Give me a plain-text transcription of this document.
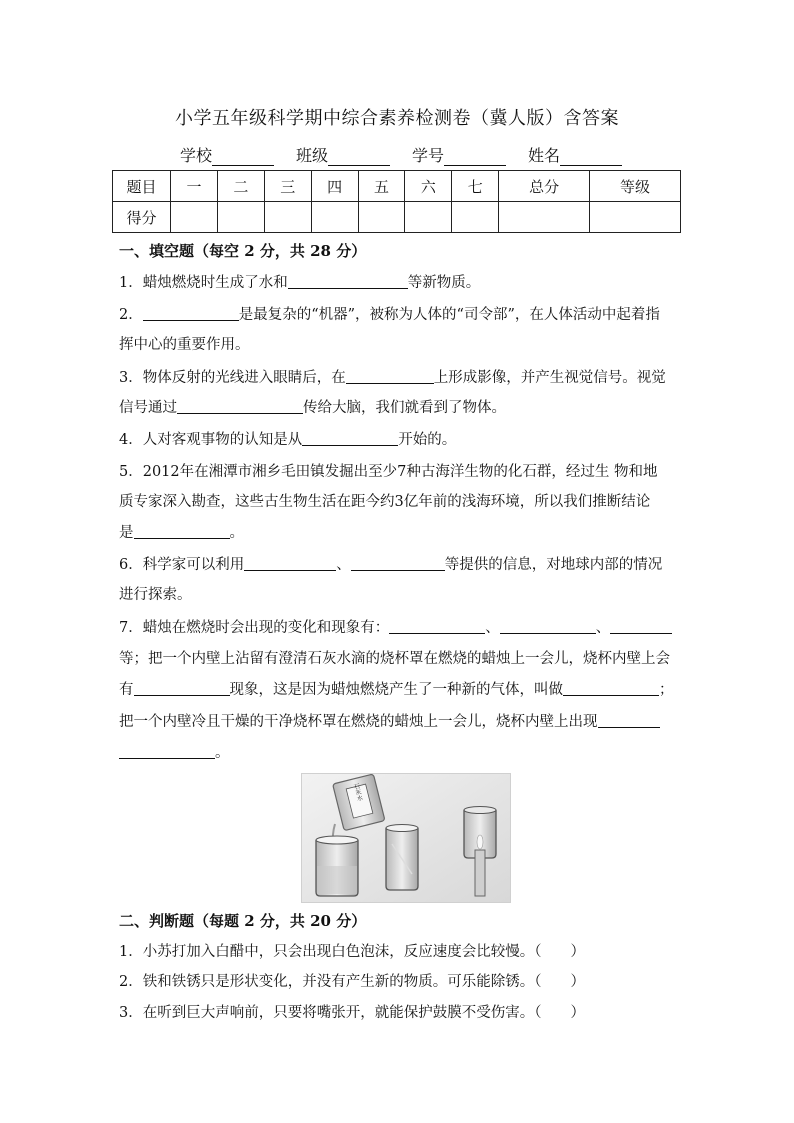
小学五年级科学期中综合素养检测卷（冀人版）含答案
学校	班级	学号	姓名
题目	一	二	三	四	五	六	七	总分	等级
得分									
一、填空题（每空 2 分，共 28 分）
1．蜡烛燃烧时生成了水和	等新物质。
2．	是最复杂的“机器”，被称为人体的“司令部”，在人体活动中起着指
挥中心的重要作用。
3．物体反射的光线进入眼睛后，在	上形成影像，并产生视觉信号。视觉
信号通过	传给大脑，我们就看到了物体。
4．人对客观事物的认知是从	开始的。
5．2012年在湘潭市湘乡毛田镇发掘出至少7种古海洋生物的化石群，经过生 物和地
质专家深入勘查，这些古生物生活在距今约3亿年前的浅海环境，所以我们推断结论
是	。
6．科学家可以利用	、	等提供的信息，对地球内部的情况
进行探索。
7．蜡烛在燃烧时会出现的变化和现象有：	、	、
等；把一个内壁上沾留有澄清石灰水滴的烧杯罩在燃烧的蜡烛上一会儿，烧杯内壁上会
有	现象，这是因为蜡烛燃烧产生了一种新的气体，叫做	；
把一个内壁冷且干燥的干净烧杯罩在燃烧的蜡烛上一会儿，烧杯内壁上出现
。
石灰水
二、判断题（每题 2 分，共 20 分）
1．小苏打加入白醋中，只会出现白色泡沫，反应速度会比较慢。（　　）
2．铁和铁锈只是形状变化，并没有产生新的物质。可乐能除锈。（　　）
3．在听到巨大声响前，只要将嘴张开，就能保护鼓膜不受伤害。（　　）
